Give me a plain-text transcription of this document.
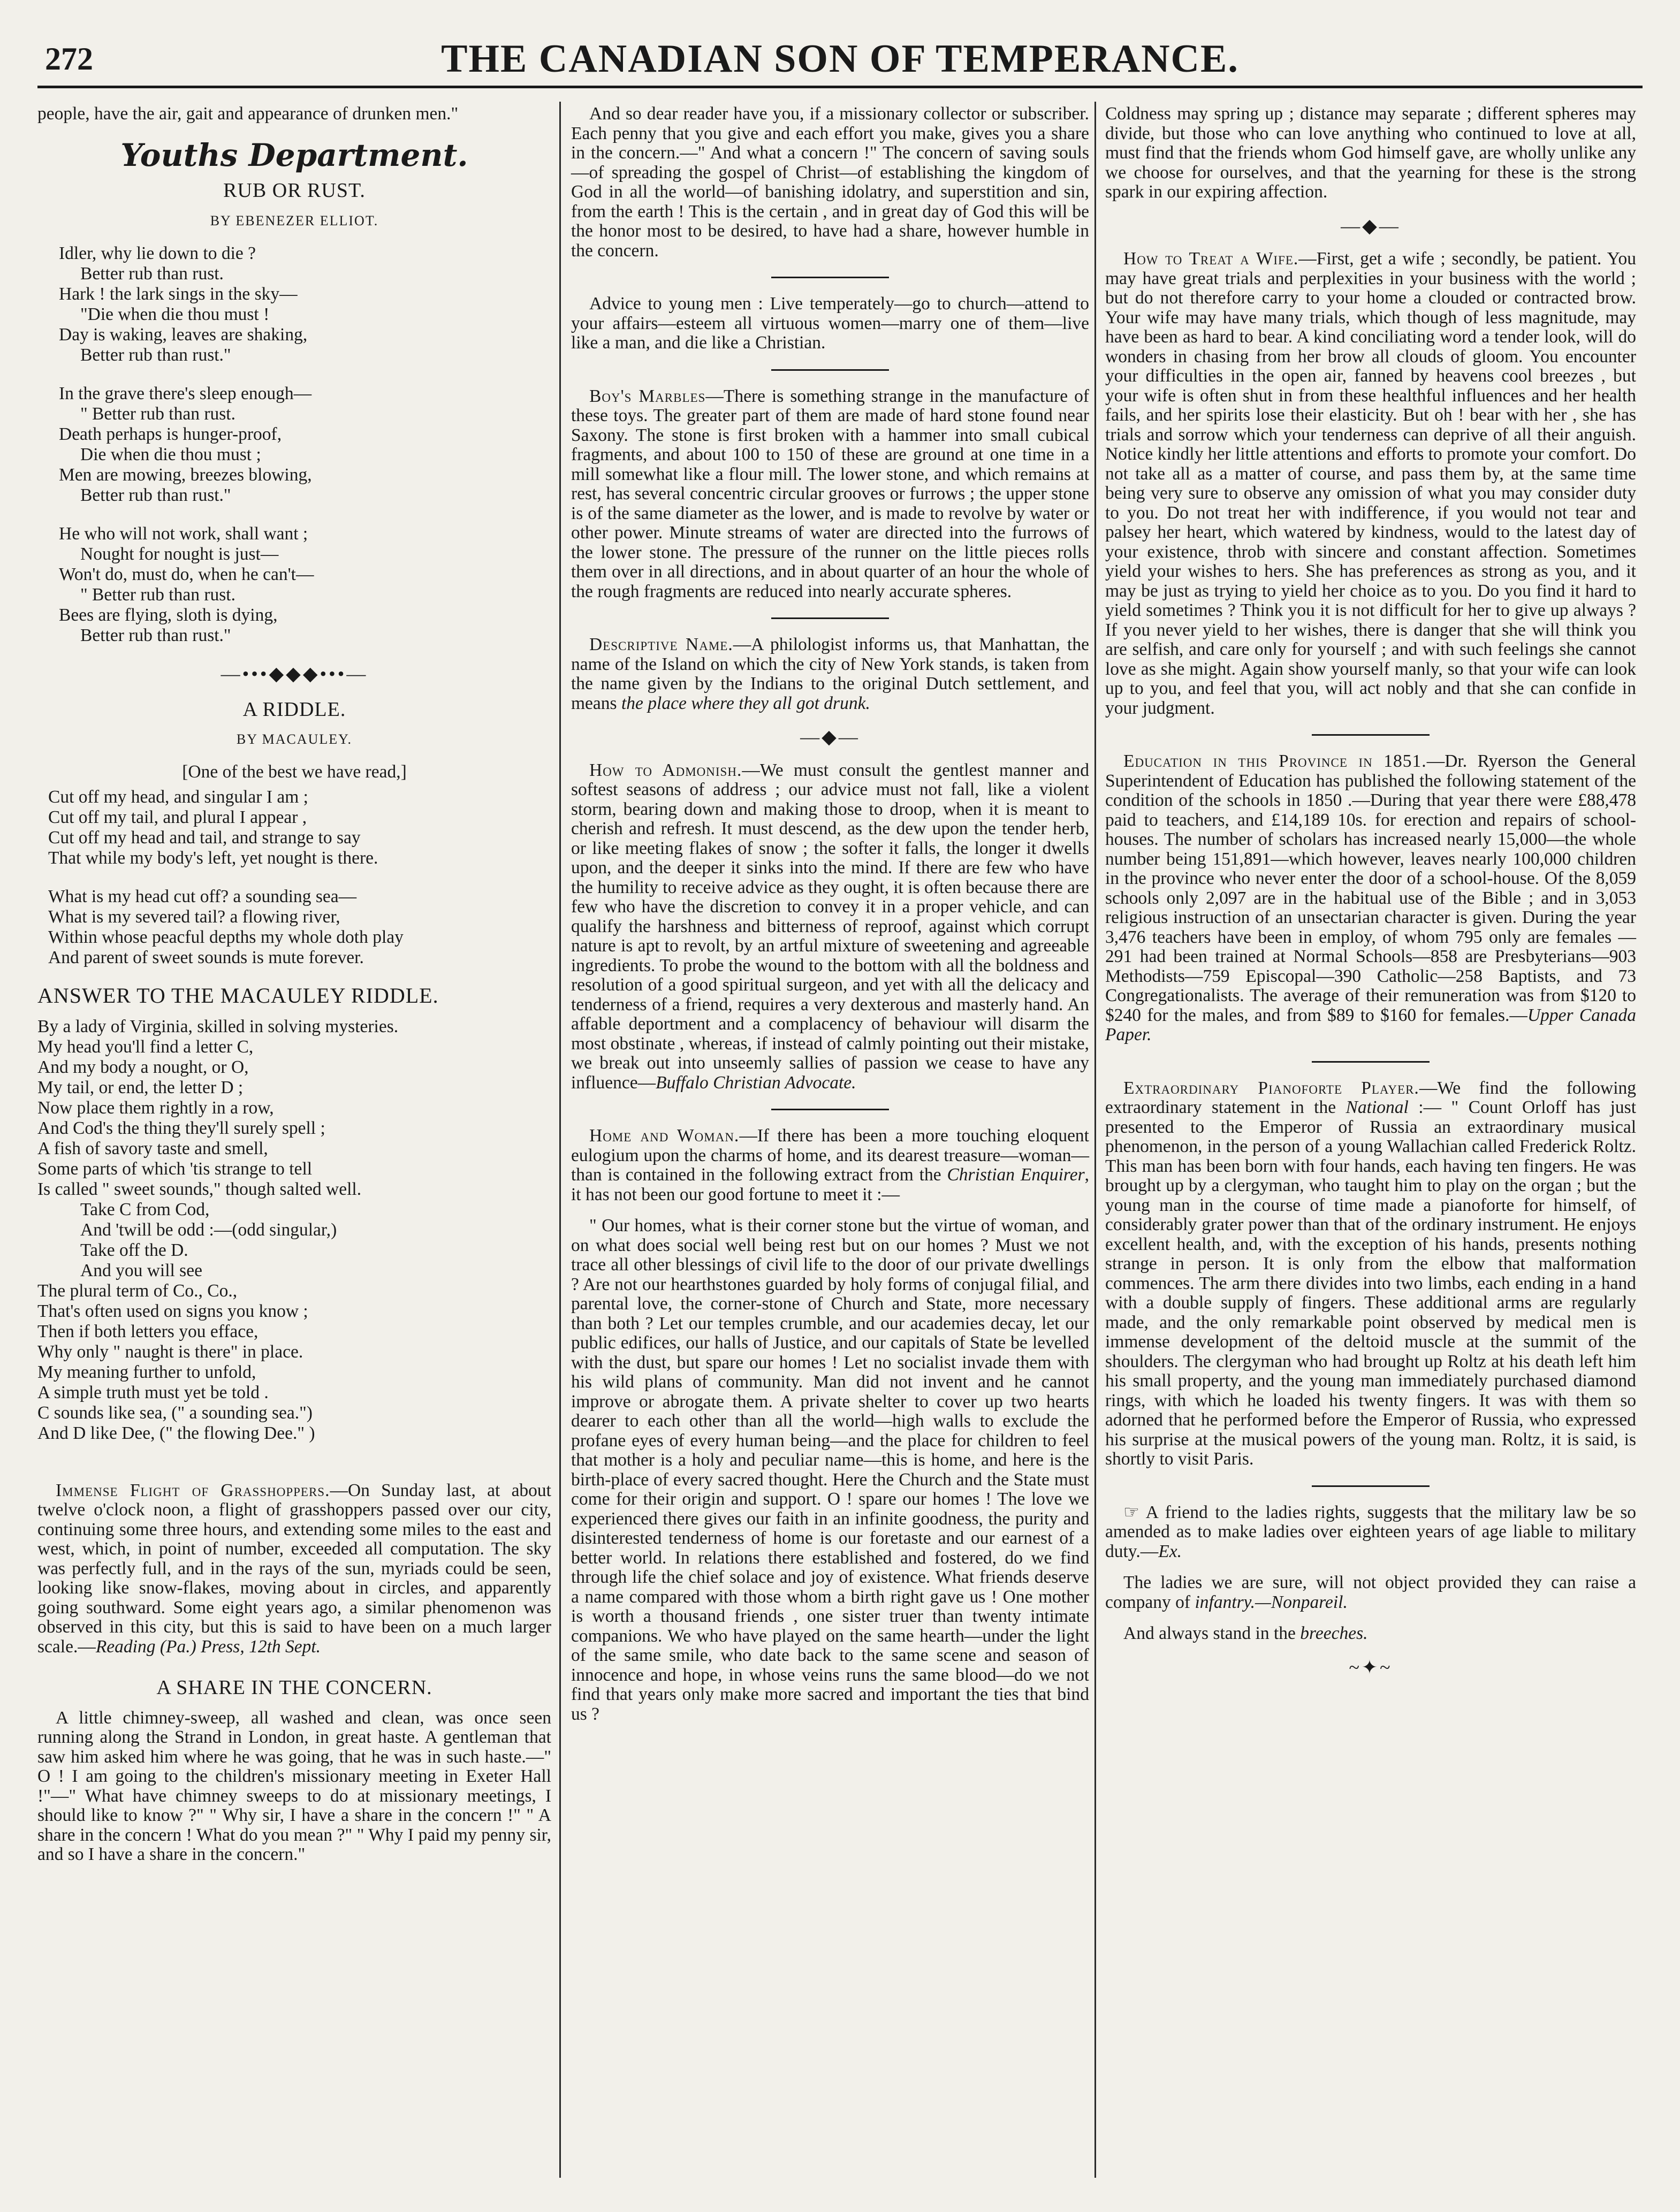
272	THE CANADIAN SON OF TEMPERANCE.

people, have the air, gait and appearance of drunken men."

Youths Department.
RUB OR RUST.
BY EBENEZER ELLIOT.
Idler, why lie down to die ?
Better rub than rust.
Hark ! the lark sings in the sky—
"Die when die thou must !
Day is waking, leaves are shaking,
Better rub than rust."
In the grave there's sleep enough—
" Better rub than rust.
Death perhaps is hunger-proof,
Die when die thou must ;
Men are mowing, breezes blowing,
Better rub than rust."
He who will not work, shall want ;
Nought for nought is just—
Won't do, must do, when he can't—
" Better rub than rust.
Bees are flying, sloth is dying,
Better rub than rust."
—•••◆◆◆•••—
A RIDDLE.
BY MACAULEY.
[One of the best we have read,]
Cut off my head, and singular I am ;
Cut off my tail, and plural I appear ,
Cut off my head and tail, and strange to say
That while my body's left, yet nought is there.
What is my head cut off? a sounding sea—
What is my severed tail? a flowing river,
Within whose peacful depths my whole doth play
And parent of sweet sounds is mute forever.
ANSWER TO THE MACAULEY RIDDLE.
By a lady of Virginia, skilled in solving mysteries.
My head you'll find a letter C,
And my body a nought, or O,
My tail, or end, the letter D ;
Now place them rightly in a row,
And Cod's the thing they'll surely spell ;
A fish of savory taste and smell,
Some parts of which 'tis strange to tell
Is called " sweet sounds," though salted well.
Take C from Cod,
And 'twill be odd :—(odd singular,)
Take off the D.
And you will see
The plural term of Co., Co.,
That's often used on signs you know ;
Then if both letters you efface,
Why only " naught is there" in place.
My meaning further to unfold,
A simple truth must yet be told .
C sounds like sea, (" a sounding sea.")
And D like Dee, (" the flowing Dee." )

Immense Flight of Grasshoppers.—On Sunday last, at about twelve o'clock noon, a flight of grasshoppers passed over our city, continuing some three hours, and extending some miles to the east and west, which, in point of number, exceeded all computation. The sky was perfectly full, and in the rays of the sun, myriads could be seen, looking like snow-flakes, moving about in circles, and apparently going southward. Some eight years ago, a similar phenomenon was observed in this city, but this is said to have been on a much larger scale.—Reading (Pa.) Press, 12th Sept.

A SHARE IN THE CONCERN.

A little chimney-sweep, all washed and clean, was once seen running along the Strand in London, in great haste. A gentleman that saw him asked him where he was going, that he was in such haste.—" O ! I am going to the children's missionary meeting in Exeter Hall !"—" What have chimney sweeps to do at missionary meetings, I should like to know ?" " Why sir, I have a share in the concern !" " A share in the concern ! What do you mean ?" " Why I paid my penny sir, and so I have a share in the concern."

And so dear reader have you, if a missionary collector or subscriber. Each penny that you give and each effort you make, gives you a share in the concern.—" And what a concern !" The concern of saving souls—of spreading the gospel of Christ—of establishing the kingdom of God in all the world—of banishing idolatry, and superstition and sin, from the earth ! This is the certain , and in great day of God this will be the honor most to be desired, to have had a share, however humble in the concern.

Advice to young men : Live temperately—go to church—attend to your affairs—esteem all virtuous women—marry one of them—live like a man, and die like a Christian.

Boy's Marbles—There is something strange in the manufacture of these toys. The greater part of them are made of hard stone found near Saxony. The stone is first broken with a hammer into small cubical fragments, and about 100 to 150 of these are ground at one time in a mill somewhat like a flour mill. The lower stone, and which remains at rest, has several concentric circular grooves or furrows ; the upper stone is of the same diameter as the lower, and is made to revolve by water or other power. Minute streams of water are directed into the furrows of the lower stone. The pressure of the runner on the little pieces rolls them over in all directions, and in about quarter of an hour the whole of the rough fragments are reduced into nearly accurate spheres.

Descriptive Name.—A philologist informs us, that Manhattan, the name of the Island on which the city of New York stands, is taken from the name given by the Indians to the original Dutch settlement, and means the place where they all got drunk.

—◆—

How to Admonish.—We must consult the gentlest manner and softest seasons of address ; our advice must not fall, like a violent storm, bearing down and making those to droop, when it is meant to cherish and refresh. It must descend, as the dew upon the tender herb, or like meeting flakes of snow ; the softer it falls, the longer it dwells upon, and the deeper it sinks into the mind. If there are few who have the humility to receive advice as they ought, it is often because there are few who have the discretion to convey it in a proper vehicle, and can qualify the harshness and bitterness of reproof, against which corrupt nature is apt to revolt, by an artful mixture of sweetening and agreeable ingredients. To probe the wound to the bottom with all the boldness and resolution of a good spiritual surgeon, and yet with all the delicacy and tenderness of a friend, requires a very dexterous and masterly hand. An affable deportment and a complacency of behaviour will disarm the most obstinate , whereas, if instead of calmly pointing out their mistake, we break out into unseemly sallies of passion we cease to have any influence—Buffalo Christian Advocate.

Home and Woman.—If there has been a more touching eloquent eulogium upon the charms of home, and its dearest treasure—woman—than is contained in the following extract from the Christian Enquirer, it has not been our good fortune to meet it :—

" Our homes, what is their corner stone but the virtue of woman, and on what does social well being rest but on our homes ? Must we not trace all other blessings of civil life to the door of our private dwellings ? Are not our hearthstones guarded by holy forms of conjugal filial, and parental love, the corner-stone of Church and State, more necessary than both ? Let our temples crumble, and our academies decay, let our public edifices, our halls of Justice, and our capitals of State be levelled with the dust, but spare our homes ! Let no socialist invade them with his wild plans of community. Man did not invent and he cannot improve or abrogate them. A private shelter to cover up two hearts dearer to each other than all the world—high walls to exclude the profane eyes of every human being—and the place for children to feel that mother is a holy and peculiar name—this is home, and here is the birth-place of every sacred thought. Here the Church and the State must come for their origin and support. O ! spare our homes ! The love we experienced there gives our faith in an infinite goodness, the purity and disinterested tenderness of home is our foretaste and our earnest of a better world. In relations there established and fostered, do we find through life the chief solace and joy of existence. What friends deserve a name compared with those whom a birth right gave us ! One mother is worth a thousand friends , one sister truer than twenty intimate companions. We who have played on the same hearth—under the light of the same smile, who date back to the same scene and season of innocence and hope, in whose veins runs the same blood—do we not find that years only make more sacred and important the ties that bind us ?

Coldness may spring up ; distance may separate ; different spheres may divide, but those who can love anything who continued to love at all, must find that the friends whom God himself gave, are wholly unlike any we choose for ourselves, and that the yearning for these is the strong spark in our expiring affection.

—◆—

How to Treat a Wife.—First, get a wife ; secondly, be patient. You may have great trials and perplexities in your business with the world ; but do not therefore carry to your home a clouded or contracted brow. Your wife may have many trials, which though of less magnitude, may have been as hard to bear. A kind conciliating word a tender look, will do wonders in chasing from her brow all clouds of gloom. You encounter your difficulties in the open air, fanned by heavens cool breezes , but your wife is often shut in from these healthful influences and her health fails, and her spirits lose their elasticity. But oh ! bear with her , she has trials and sorrow which your tenderness can deprive of all their anguish. Notice kindly her little attentions and efforts to promote your comfort. Do not take all as a matter of course, and pass them by, at the same time being very sure to observe any omission of what you may consider duty to you. Do not treat her with indifference, if you would not tear and palsey her heart, which watered by kindness, would to the latest day of your existence, throb with sincere and constant affection. Sometimes yield your wishes to hers. She has preferences as strong as you, and it may be just as trying to yield her choice as to you. Do you find it hard to yield sometimes ? Think you it is not difficult for her to give up always ? If you never yield to her wishes, there is danger that she will think you are selfish, and care only for yourself ; and with such feelings she cannot love as she might. Again show yourself manly, so that your wife can look up to you, and feel that you, will act nobly and that she can confide in your judgment.

Education in this Province in 1851.—Dr. Ryerson the General Superintendent of Education has published the following statement of the condition of the schools in 1850 .—During that year there were £88,478 paid to teachers, and £14,189 10s. for erection and repairs of school-houses. The number of scholars has increased nearly 15,000—the whole number being 151,891—which however, leaves nearly 100,000 children in the province who never enter the door of a school-house. Of the 8,059 schools only 2,097 are in the habitual use of the Bible ; and in 3,053 religious instruction of an unsectarian character is given. During the year 3,476 teachers have been in employ, of whom 795 only are females —291 had been trained at Normal Schools—858 are Presbyterians—903 Methodists—759 Episcopal—390 Catholic—258 Baptists, and 73 Congregationalists. The average of their remuneration was from $120 to $240 for the males, and from $89 to $160 for females.—Upper Canada Paper.

Extraordinary Pianoforte Player.—We find the following extraordinary statement in the National :— " Count Orloff has just presented to the Emperor of Russia an extraordinary musical phenomenon, in the person of a young Wallachian called Frederick Roltz. This man has been born with four hands, each having ten fingers. He was brought up by a clergyman, who taught him to play on the organ ; but the young man in the course of time made a pianoforte for himself, of considerably grater power than that of the ordinary instrument. He enjoys excellent health, and, with the exception of his hands, presents nothing strange in person. It is only from the elbow that malformation commences. The arm there divides into two limbs, each ending in a hand with a double supply of fingers. These additional arms are regularly made, and the only remarkable point observed by medical men is immense development of the deltoid muscle at the summit of the shoulders. The clergyman who had brought up Roltz at his death left him his small property, and the young man immediately purchased diamond rings, with which he loaded his twenty fingers. It was with them so adorned that he performed before the Emperor of Russia, who expressed his surprise at the musical powers of the young man. Roltz, it is said, is shortly to visit Paris.

☞ A friend to the ladies rights, suggests that the military law be so amended as to make ladies over eighteen years of age liable to military duty.—Ex.

The ladies we are sure, will not object provided they can raise a company of infantry.—Nonpareil.

And always stand in the breeches.

~✦~
